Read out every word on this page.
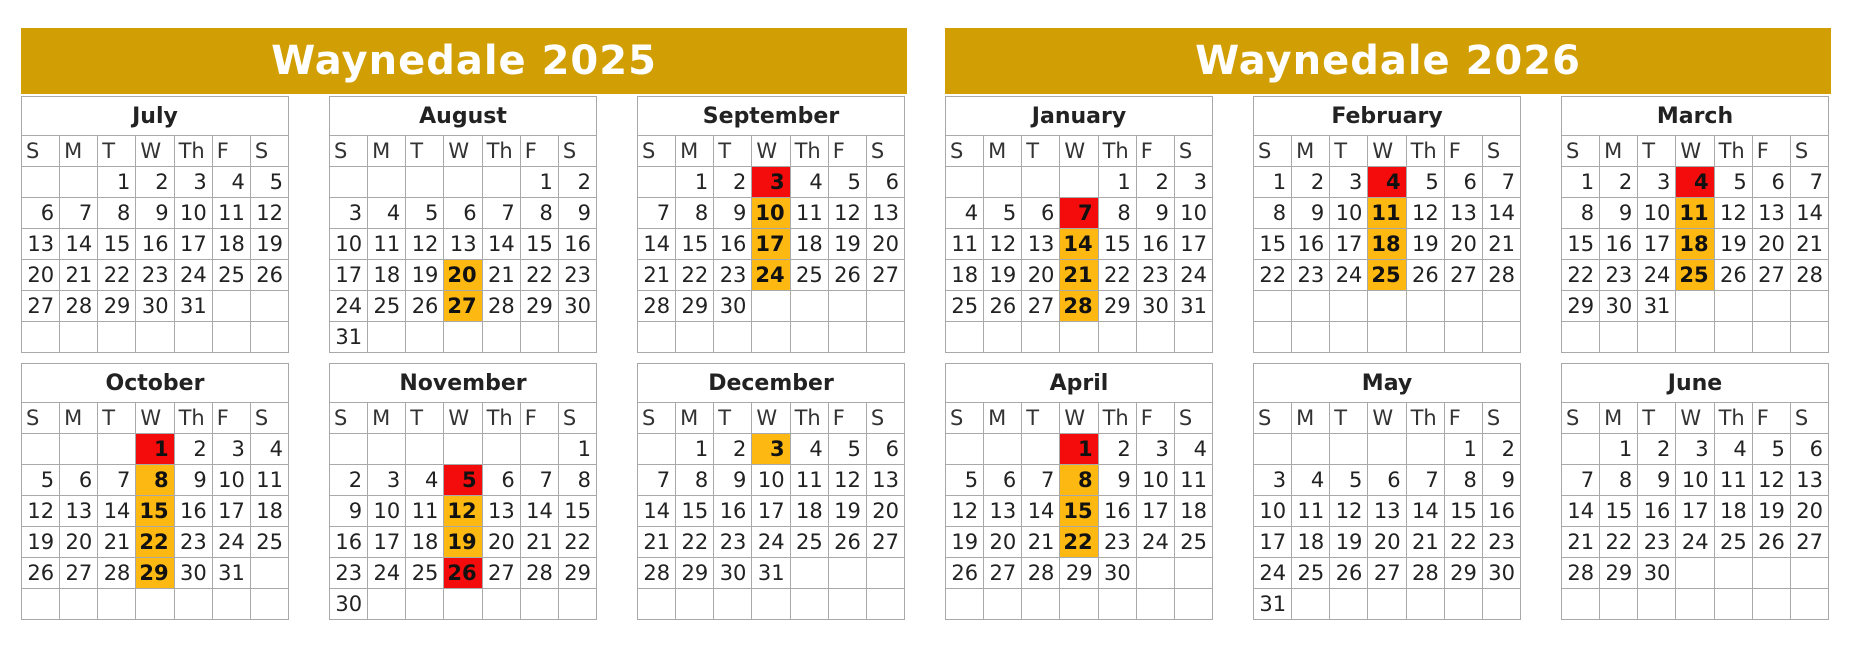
Waynedale 2025	Waynedale 2026
July						
S	M	T	W	Th	F	S
		1	2	3	4	5
6	7	8	9	10	11	12
13	14	15	16	17	18	19
20	21	22	23	24	25	26
27	28	29	30	31		

August						
S	M	T	W	Th	F	S
					1	2
3	4	5	6	7	8	9
10	11	12	13	14	15	16
17	18	19	20	21	22	23
24	25	26	27	28	29	30
31						
September						
S	M	T	W	Th	F	S
	1	2	3	4	5	6
7	8	9	10	11	12	13
14	15	16	17	18	19	20
21	22	23	24	25	26	27
28	29	30				

January						
S	M	T	W	Th	F	S
				1	2	3
4	5	6	7	8	9	10
11	12	13	14	15	16	17
18	19	20	21	22	23	24
25	26	27	28	29	30	31

February						
S	M	T	W	Th	F	S
1	2	3	4	5	6	7
8	9	10	11	12	13	14
15	16	17	18	19	20	21
22	23	24	25	26	27	28

March						
S	M	T	W	Th	F	S
1	2	3	4	5	6	7
8	9	10	11	12	13	14
15	16	17	18	19	20	21
22	23	24	25	26	27	28
29	30	31				

October						
S	M	T	W	Th	F	S
			1	2	3	4
5	6	7	8	9	10	11
12	13	14	15	16	17	18
19	20	21	22	23	24	25
26	27	28	29	30	31	

November						
S	M	T	W	Th	F	S
						1
2	3	4	5	6	7	8
9	10	11	12	13	14	15
16	17	18	19	20	21	22
23	24	25	26	27	28	29
30						
December						
S	M	T	W	Th	F	S
	1	2	3	4	5	6
7	8	9	10	11	12	13
14	15	16	17	18	19	20
21	22	23	24	25	26	27
28	29	30	31			

April						
S	M	T	W	Th	F	S
			1	2	3	4
5	6	7	8	9	10	11
12	13	14	15	16	17	18
19	20	21	22	23	24	25
26	27	28	29	30		

May						
S	M	T	W	Th	F	S
					1	2
3	4	5	6	7	8	9
10	11	12	13	14	15	16
17	18	19	20	21	22	23
24	25	26	27	28	29	30
31						
June						
S	M	T	W	Th	F	S
	1	2	3	4	5	6
7	8	9	10	11	12	13
14	15	16	17	18	19	20
21	22	23	24	25	26	27
28	29	30				
